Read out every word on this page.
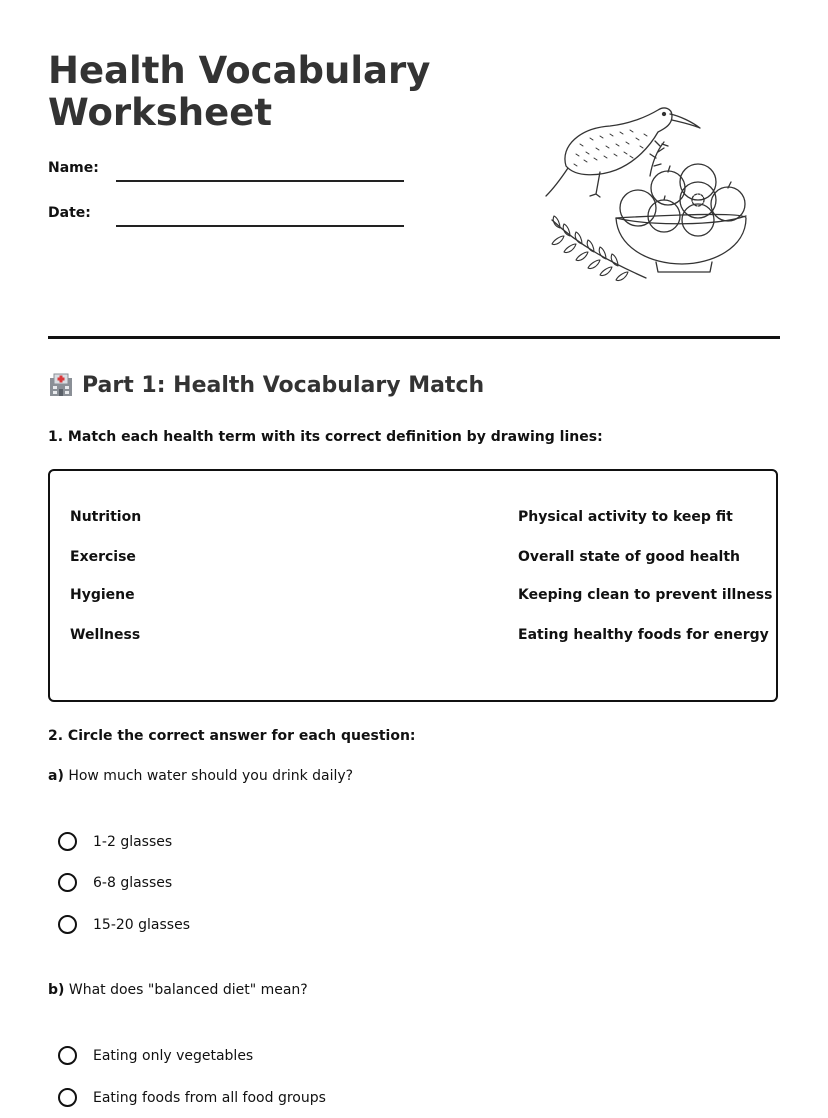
Health Vocabulary Worksheet
Name:
Date:
Part 1: Health Vocabulary Match
1. Match each health term with its correct definition by drawing lines:
Nutrition
Exercise
Hygiene
Wellness
Physical activity to keep fit
Overall state of good health
Keeping clean to prevent illness
Eating healthy foods for energy
2. Circle the correct answer for each question:
a) How much water should you drink daily?
1-2 glasses
6-8 glasses
15-20 glasses
b) What does "balanced diet" mean?
Eating only vegetables
Eating foods from all food groups
